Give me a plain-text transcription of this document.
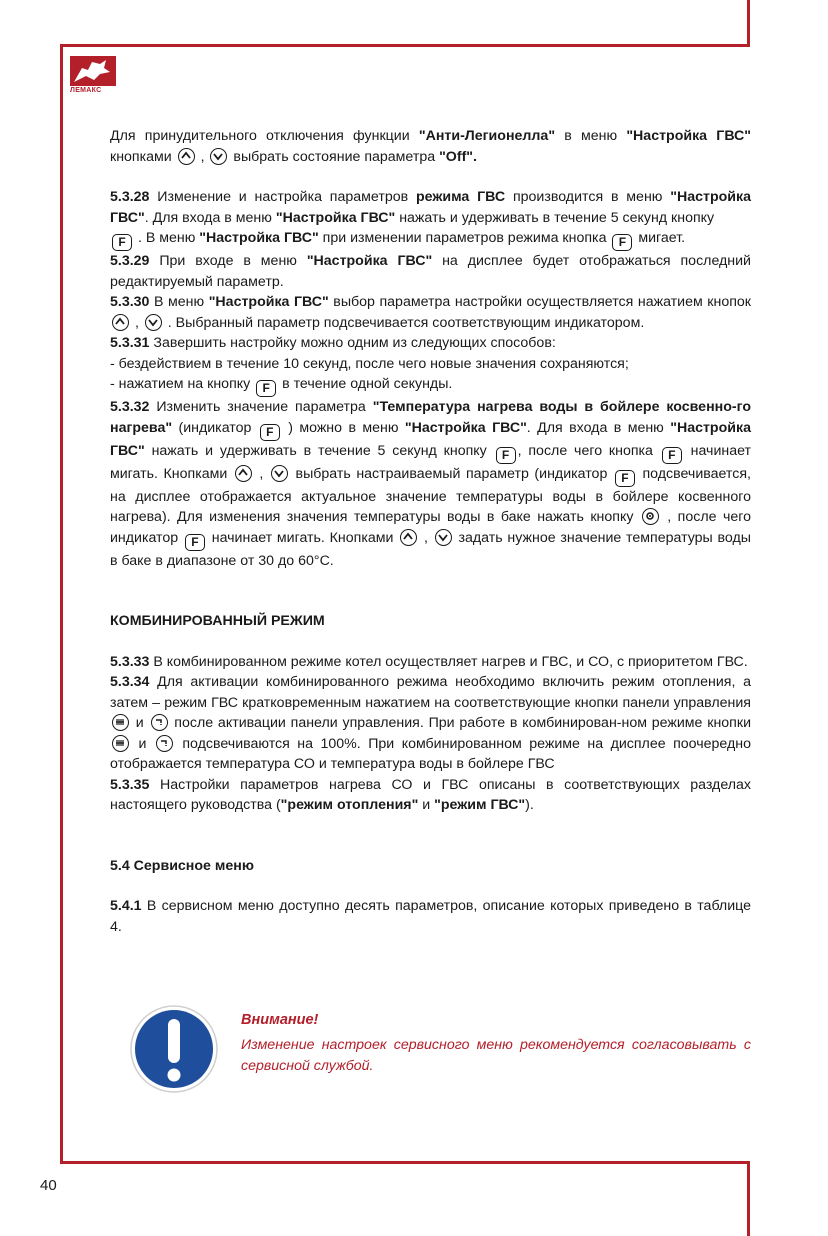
ЛЕМАКС

Для принудительного отключения функции "Анти-Легионелла" в меню "Настройка ГВС" кнопками
,
выбрать состояние параметра "Off".

5.3.28 Изменение и настройка параметров режима ГВС производится в меню "Настройка ГВС". Для входа в меню "Настройка ГВС" нажать и удерживать в течение 5 секунд кнопку
F . В меню "Настройка ГВС" при изменении параметров режима кнопка F мигает.

5.3.29 При входе в меню "Настройка ГВС" на дисплее будет отображаться последний редактируемый параметр.

5.3.30 В меню "Настройка ГВС" выбор параметра настройки осуществляется нажатием кнопок
,
. Выбранный параметр подсвечивается соответствующим индикатором.

5.3.31 Завершить настройку можно одним из следующих способов:
- бездействием в течение 10 секунд, после чего новые значения сохраняются;
- нажатием на кнопку F в течение одной секунды.

5.3.32 Изменить значение параметра "Температура нагрева воды в бойлере косвенно-го нагрева" (индикатор F ) можно в меню "Настройка ГВС". Для входа в меню "Настройка ГВС" нажать и удерживать в течение 5 секунд кнопку F , после чего кнопка F начинает мигать. Кнопками
,
выбрать настраиваемый параметр (индикатор F подсвечивается, на дисплее отображается актуальное значение температуры воды в бойлере косвенного нагрева). Для изменения значения температуры воды в баке нажать кнопку
, после чего индикатор F начинает мигать. Кнопками
,
задать нужное значение температуры воды в баке в диапазоне от 30 до 60°С.

КОМБИНИРОВАННЫЙ РЕЖИМ

5.3.33 В комбинированном режиме котел осуществляет нагрев и ГВС, и СО, с приоритетом ГВС.

5.3.34 Для активации комбинированного режима необходимо включить режим отопления, а затем – режим ГВС кратковременным нажатием на соответствующие кнопки панели управления
и
после активации панели управления. При работе в комбинирован-ном режиме кнопки
и
подсвечиваются на 100%. При комбинированном режиме на дисплее поочередно отображается температура СО и температура воды в бойлере ГВС

5.3.35 Настройки параметров нагрева СО и ГВС описаны в соответствующих разделах настоящего руководства ("режим отопления" и "режим ГВС").

5.4 Сервисное меню

5.4.1 В сервисном меню доступно десять параметров, описание которых приведено в таблице 4.

Внимание!
Изменение настроек сервисного меню рекомендуется согласовывать с сервисной службой.
40
